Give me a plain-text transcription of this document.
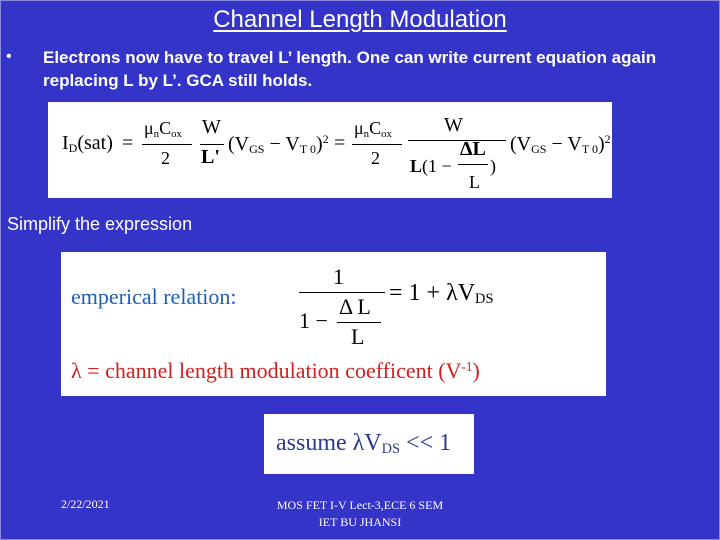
Channel Length Modulation
• Electrons now have to travel L’ length. One can write current equation again replacing L by L’. GCA still holds.
$I_D(sat)$ =
$\mu_nC_{ox}$
2
W
L'
$(V_{GS} - V_{T 0})^2$ =
$\mu_nC_{ox}$
2
W
ΔL
L(1 − )
L
$(V_{GS} - V_{T 0})^2$
Simplify the expression
emperical relation:
1
1 −
Δ L
L
= $1 + \lambda V_{DS}$
λ = channel length modulation coefficent $(V^{-1})$
assume $\lambda V_{DS} << 1$
2/22/2021	MOS FET I-V Lect-3,ECE 6 SEM
IET BU JHANSI
